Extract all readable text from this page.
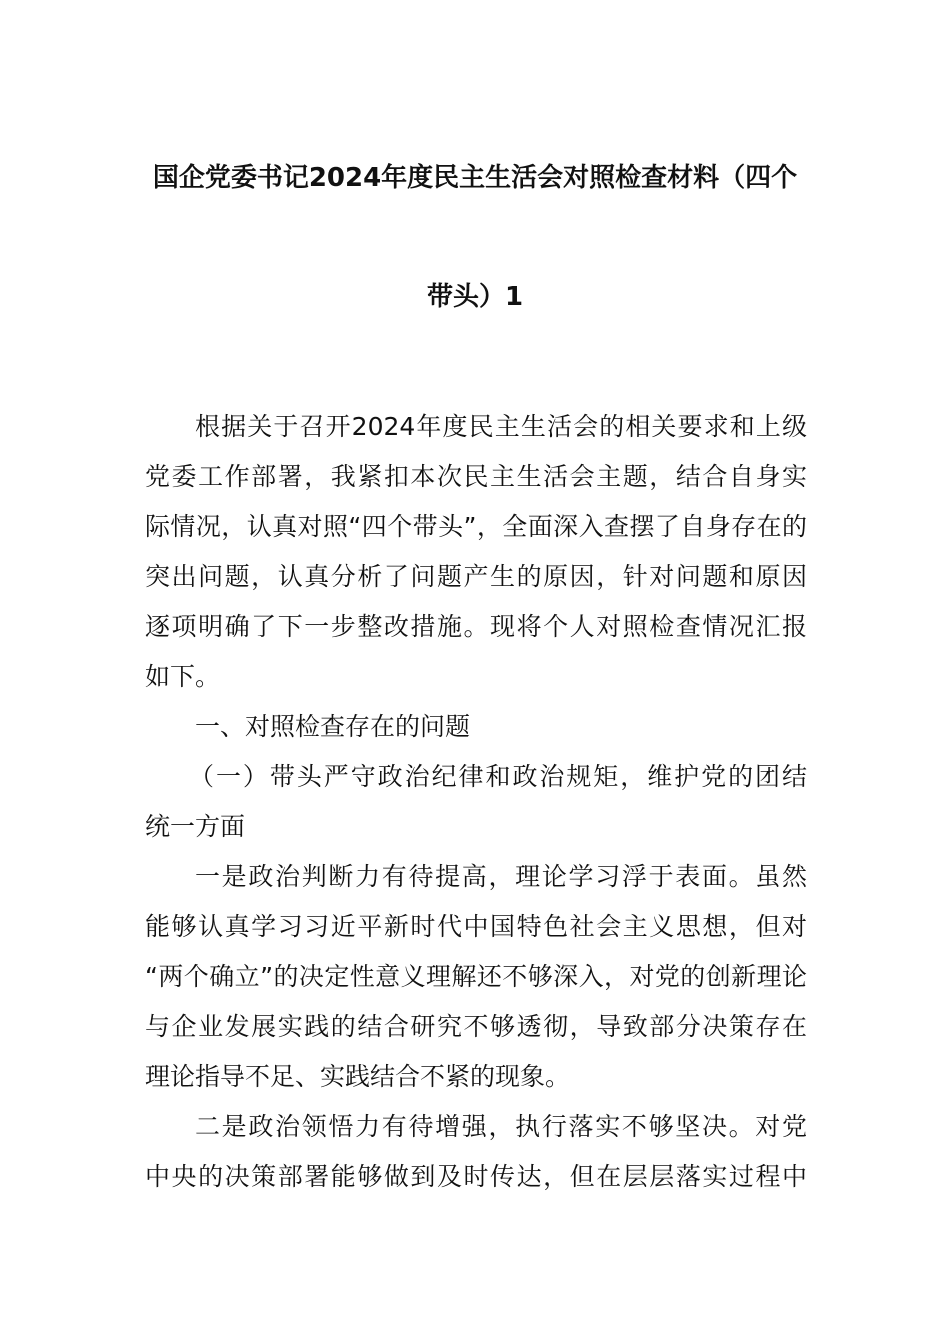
国企党委书记2024年度民主生活会对照检查材料（四个
带头）1
根据关于召开2024年度民主生活会的相关要求和上级
党委工作部署，我紧扣本次民主生活会主题，结合自身实
际情况，认真对照“四个带头”，全面深入查摆了自身存在的
突出问题，认真分析了问题产生的原因，针对问题和原因
逐项明确了下一步整改措施。现将个人对照检查情况汇报
如下。
一、对照检查存在的问题
（一）带头严守政治纪律和政治规矩，维护党的团结
统一方面
一是政治判断力有待提高，理论学习浮于表面。虽然
能够认真学习习近平新时代中国特色社会主义思想，但对
“两个确立”的决定性意义理解还不够深入，对党的创新理论
与企业发展实践的结合研究不够透彻，导致部分决策存在
理论指导不足、实践结合不紧的现象。
二是政治领悟力有待增强，执行落实不够坚决。对党
中央的决策部署能够做到及时传达，但在层层落实过程中
